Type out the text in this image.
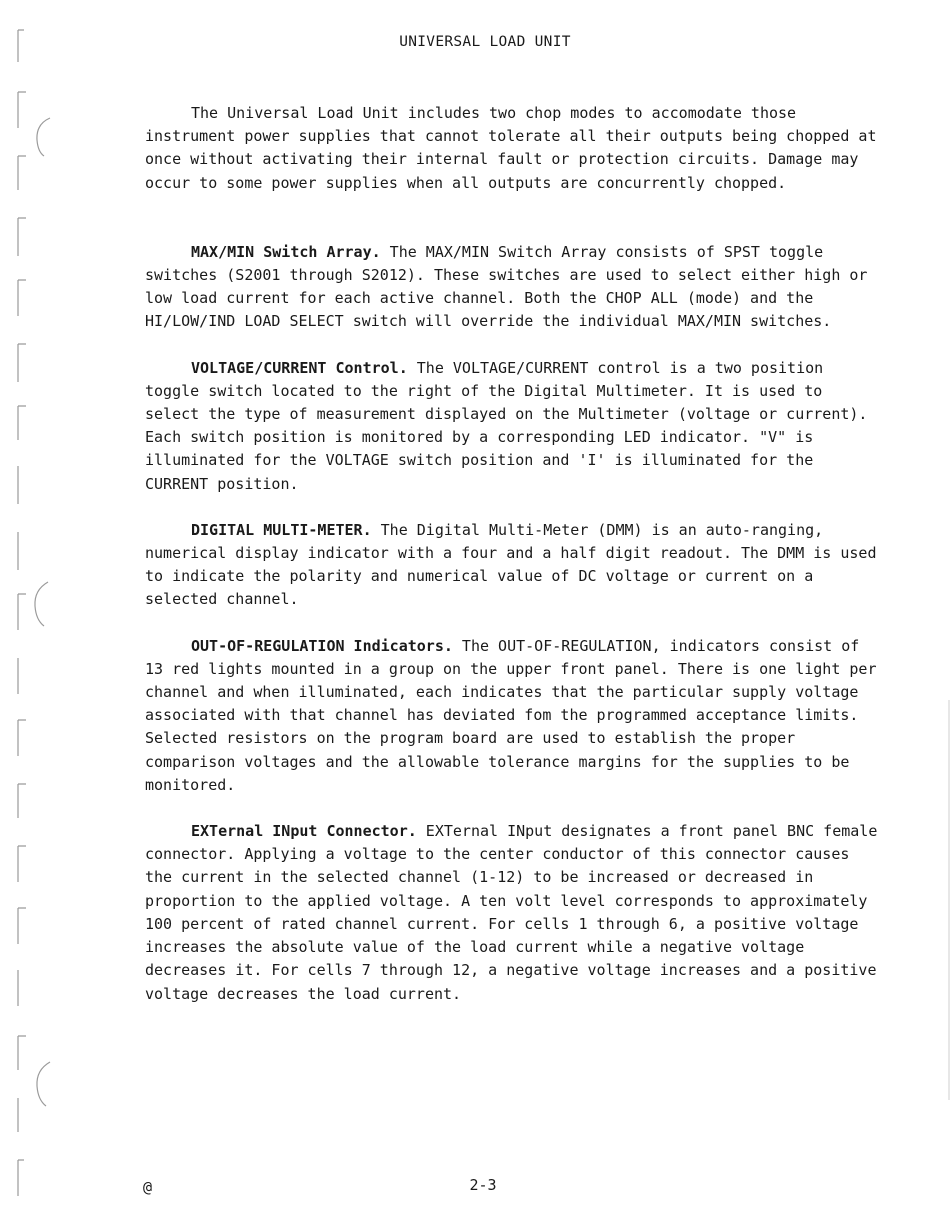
UNIVERSAL LOAD UNIT

The Universal Load Unit includes two chop modes to accomodate those instrument power supplies that cannot tolerate all their outputs being chopped at once without activating their internal fault or protection circuits. Damage may occur to some power supplies when all outputs are concurrently chopped.

MAX/MIN Switch Array. The MAX/MIN Switch Array consists of SPST toggle switches (S2001 through S2012). These switches are used to select either high or low load current for each active channel. Both the CHOP ALL (mode) and the HI/LOW/IND LOAD SELECT switch will override the individual MAX/MIN switches.

VOLTAGE/CURRENT Control. The VOLTAGE/CURRENT control is a two position toggle switch located to the right of the Digital Multimeter. It is used to select the type of measurement displayed on the Multimeter (voltage or current). Each switch position is monitored by a corresponding LED indicator. "V" is illuminated for the VOLTAGE switch position and 'I' is illuminated for the CURRENT position.

DIGITAL MULTI-METER. The Digital Multi-Meter (DMM) is an auto-ranging, numerical display indicator with a four and a half digit readout. The DMM is used to indicate the polarity and numerical value of DC voltage or current on a selected channel.

OUT-OF-REGULATION Indicators. The OUT-OF-REGULATION, indicators consist of 13 red lights mounted in a group on the upper front panel. There is one light per channel and when illuminated, each indicates that the particular supply voltage associated with that channel has deviated fom the programmed acceptance limits. Selected resistors on the program board are used to establish the proper comparison voltages and the allowable tolerance margins for the supplies to be monitored.

EXTernal INput Connector. EXTernal INput designates a front panel BNC female connector. Applying a voltage to the center conductor of this connector causes the current in the selected channel (1-12) to be increased or decreased in proportion to the applied voltage. A ten volt level corresponds to approximately 100 percent of rated channel current. For cells 1 through 6, a positive voltage increases the absolute value of the load current while a negative voltage decreases it. For cells 7 through 12, a negative voltage increases and a positive voltage decreases the load current.

@	2-3
